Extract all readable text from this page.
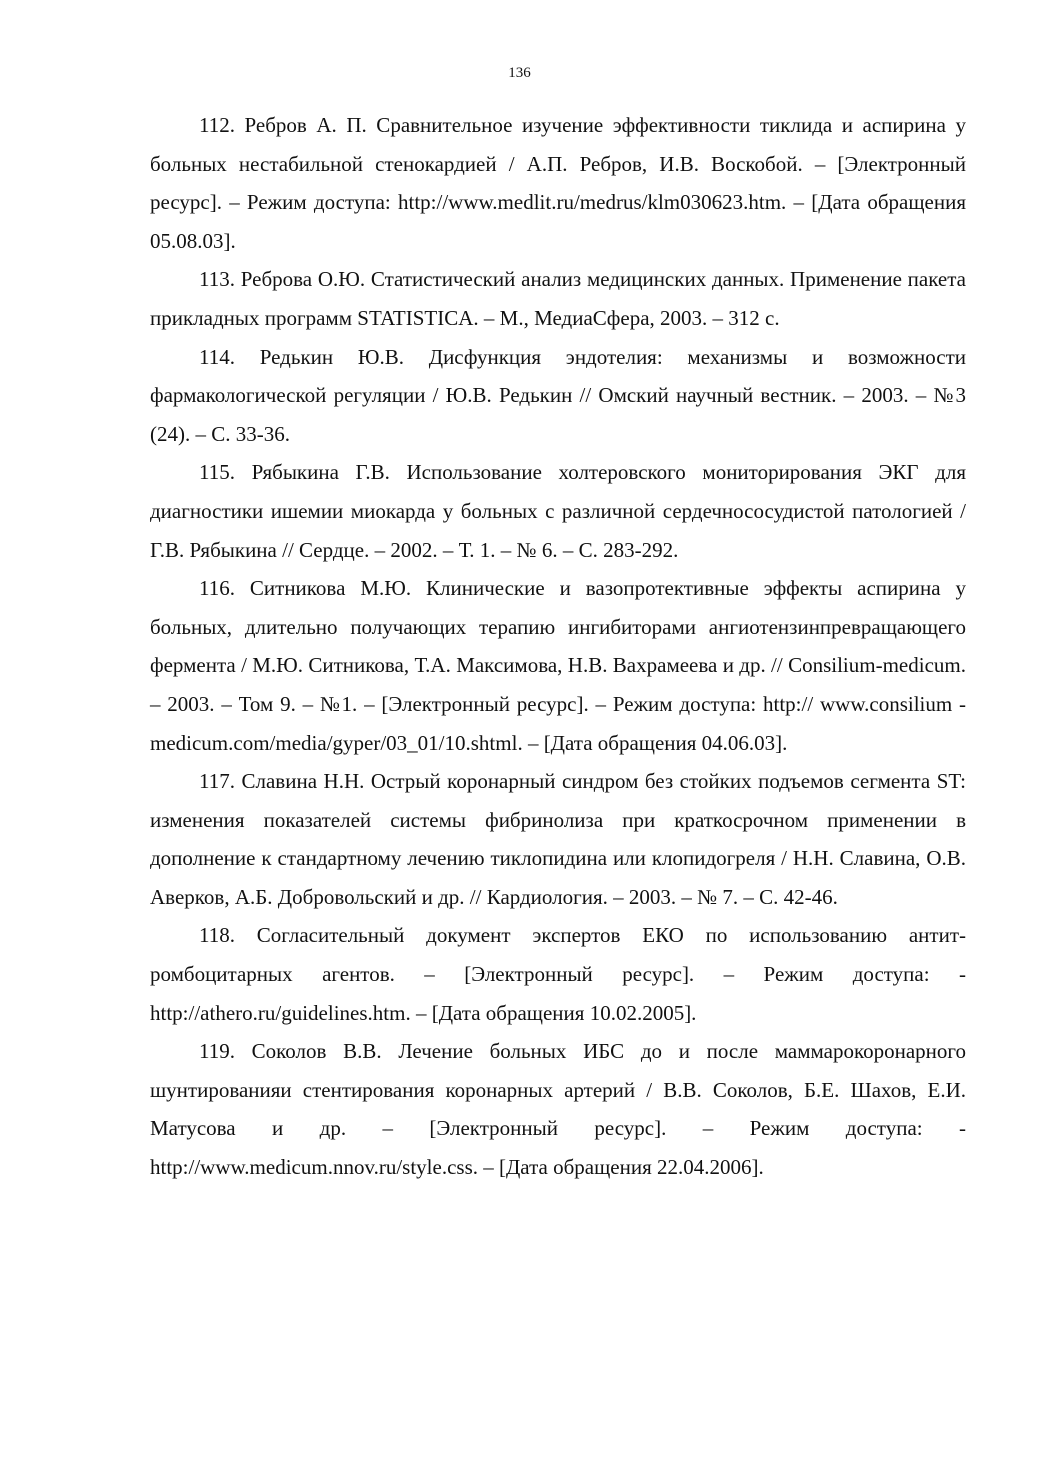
136

112. Ребров А. П. Сравнительное изучение эффективности тиклида и аспирина у больных нестабильной стенокардией / А.П. Ребров, И.В. Воскобой. – [Электронный ресурс]. – Режим доступа: http://www.medlit.ru/medrus/klm030623.htm. – [Дата обращения 05.08.03].

113. Реброва О.Ю. Статистический анализ медицинских данных. Применение пакета прикладных программ STATISTICA. – М., МедиаСфера, 2003. – 312 с.

114. Редькин Ю.В. Дисфункция эндотелия: механизмы и возможности фармакологической регуляции / Ю.В. Редькин // Омский научный вестник. – 2003. – №3 (24). – С. 33-36.

115. Рябыкина Г.В. Использование холтеровского мониторирования ЭКГ для диагностики ишемии миокарда у больных с различной сердечнососудистой патологией / Г.В. Рябыкина // Сердце. – 2002. – Т. 1. – № 6. – С. 283-292.

116. Ситникова М.Ю. Клинические и вазопротективные эффекты аспирина у больных, длительно получающих терапию ингибиторами ангиотензинпревращающего фермента / М.Ю. Ситникова, Т.А. Максимова, Н.В. Вахрамеева и др. // Consilium-medicum. – 2003. – Том 9. – №1. – [Электронный ресурс]. – Режим доступа: http:// www.consilium -medicum.com/media/gyper/03_01/10.shtml. – [Дата обращения 04.06.03].

117. Славина Н.Н. Острый коронарный синдром без стойких подъемов сегмента ST: изменения показателей системы фибринолиза при краткосрочном применении в дополнение к стандартному лечению тиклопидина или клопидогреля / Н.Н. Славина, О.В. Аверков, А.Б. Добровольский и др. // Кардиология. – 2003. – № 7. – С. 42-46.

118. Согласительный документ экспертов ЕКО по использованию антитромбоцитарных агентов. – [Электронный ресурс]. – Режим доступа: - http://athero.ru/guidelines.htm. – [Дата обращения 10.02.2005].

119. Соколов В.В. Лечение больных ИБС до и после маммарокоронарного шунтированияи стентирования коронарных артерий / В.В. Соколов, Б.Е. Шахов, Е.И. Матусова и др. – [Электронный ресурс]. – Режим доступа: - http://www.medicum.nnov.ru/style.css. – [Дата обращения 22.04.2006].
